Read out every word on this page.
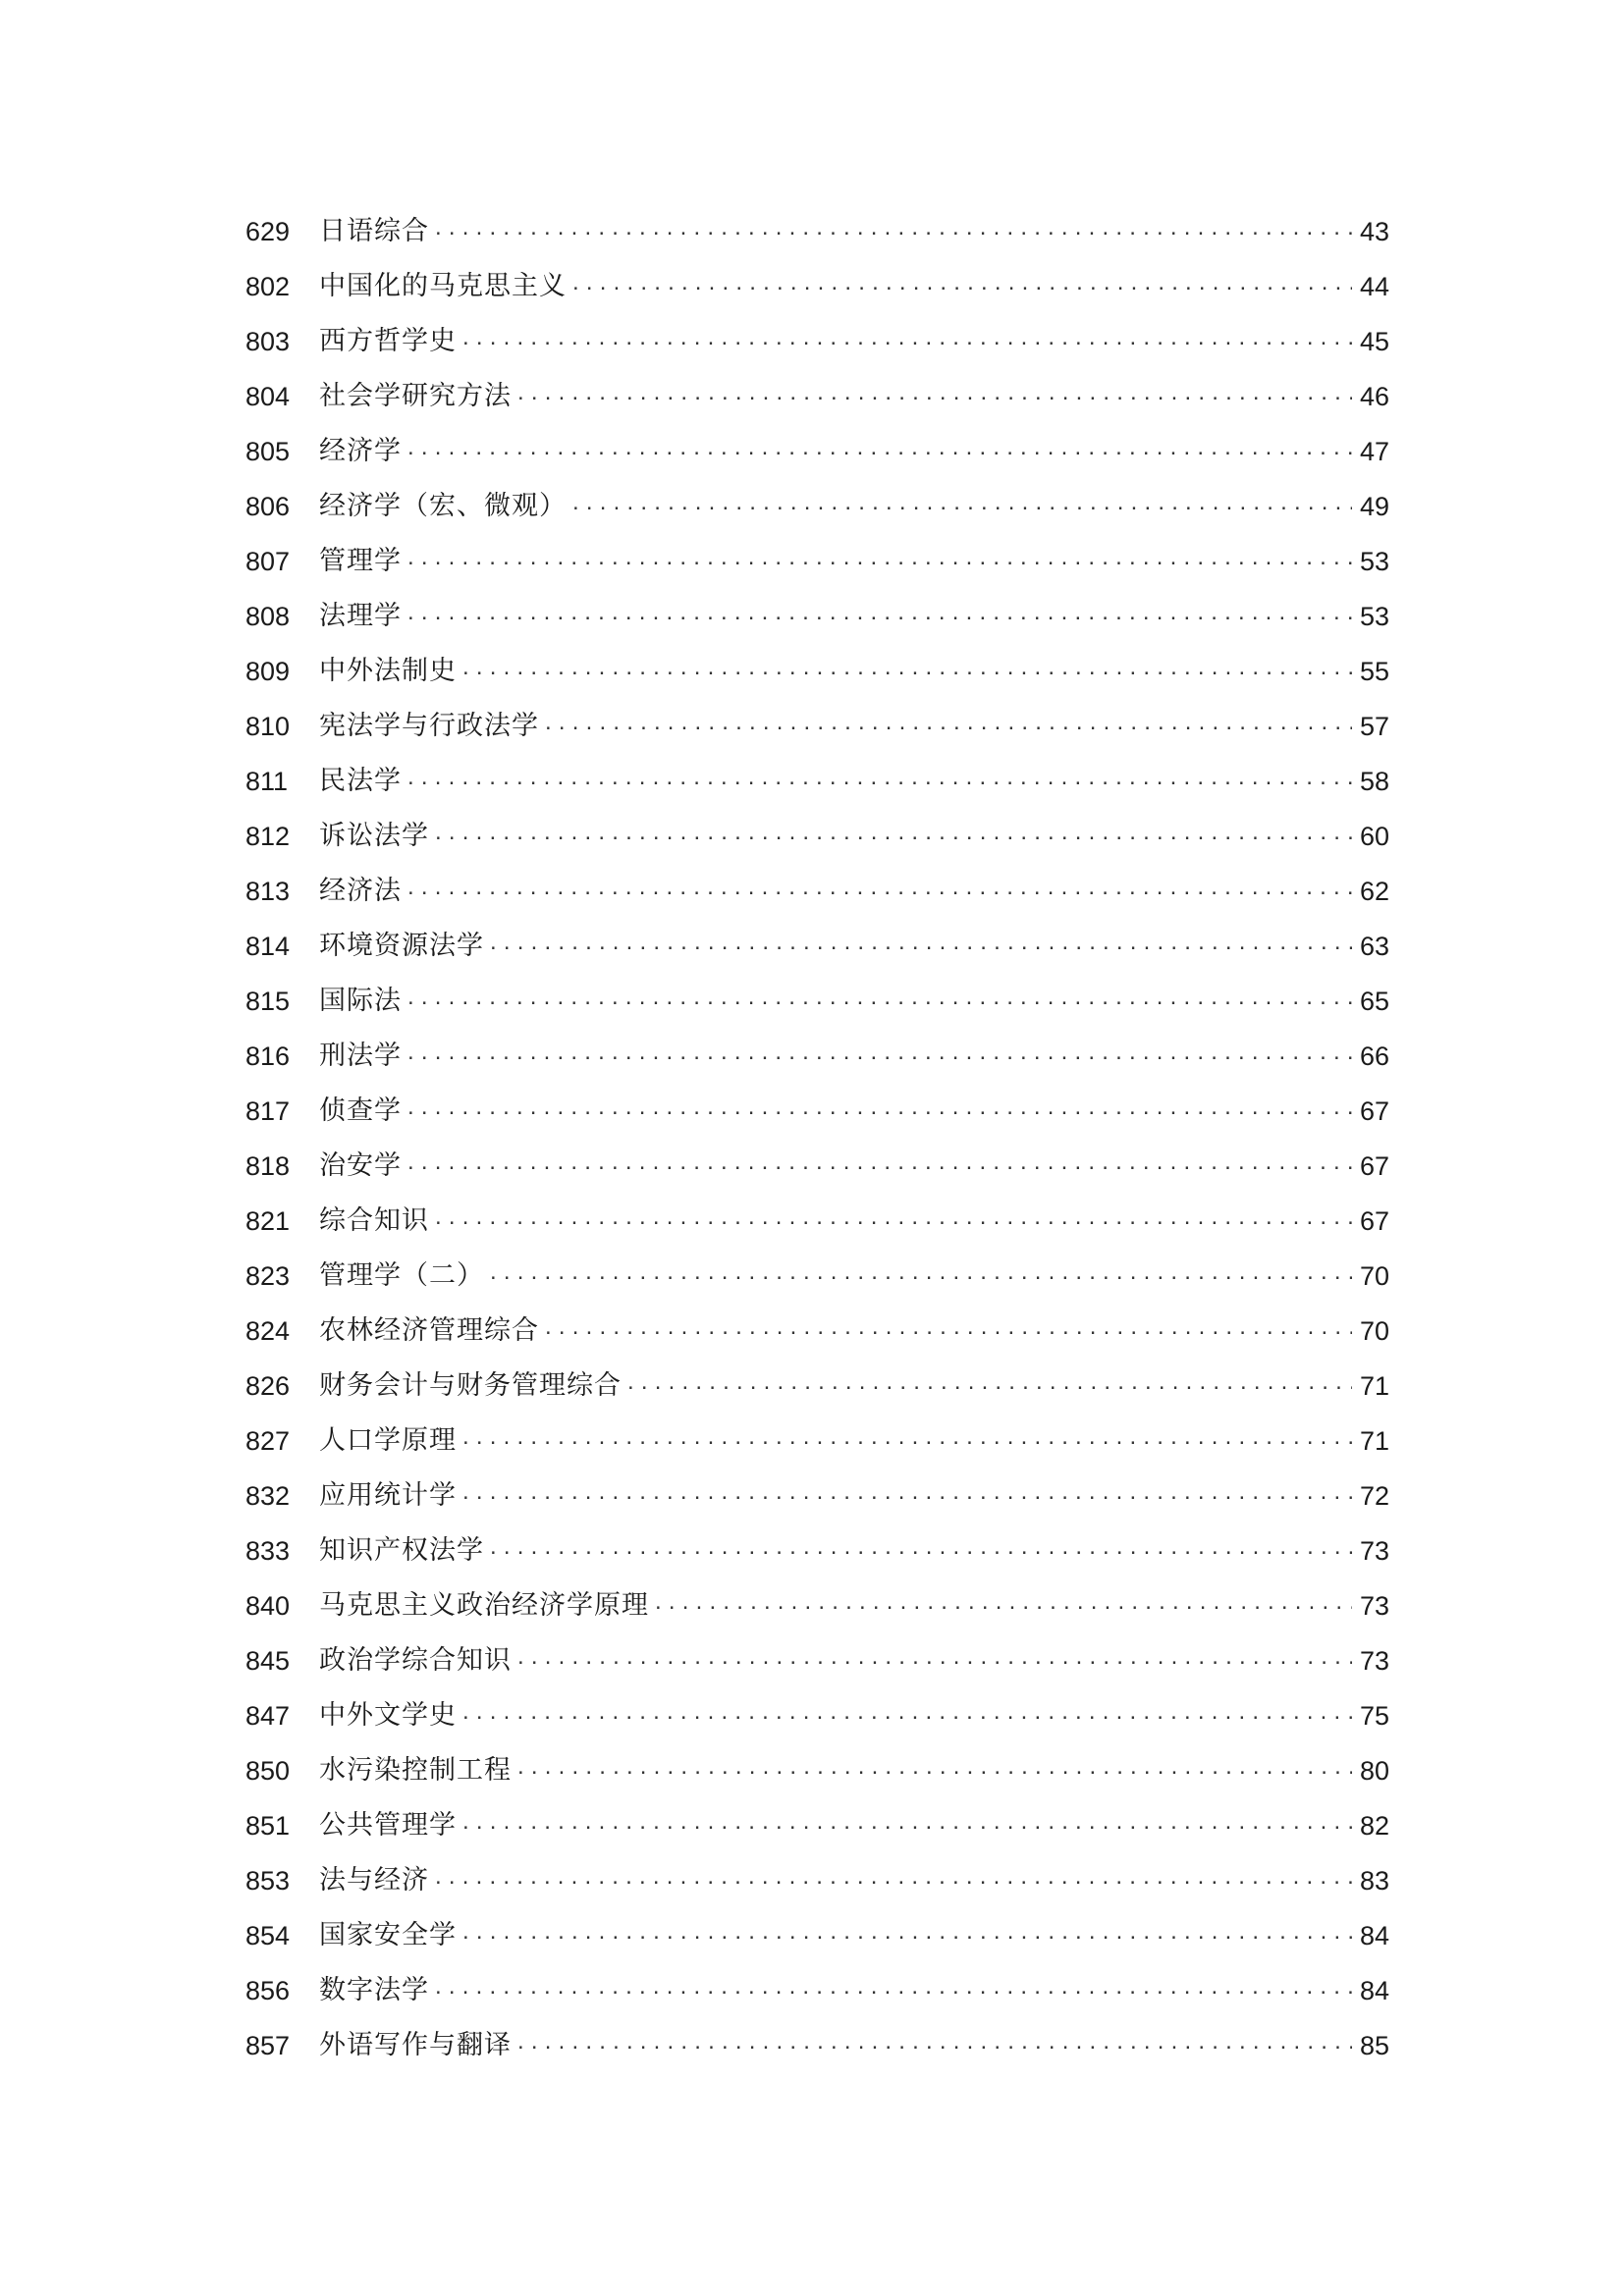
629	日语综合 .....	43
802	中国化的马克思主义 .....	44
803	西方哲学史 .....	45
804	社会学研究方法 .....	46
805	经济学 .....	47
806	经济学（宏、微观） .....	49
807	管理学 .....	53
808	法理学 .....	53
809	中外法制史 .....	55
810	宪法学与行政法学 .....	57
811	民法学 .....	58
812	诉讼法学 .....	60
813	经济法 .....	62
814	环境资源法学 .....	63
815	国际法 .....	65
816	刑法学 .....	66
817	侦查学 .....	67
818	治安学 .....	67
821	综合知识 .....	67
823	管理学（二） .....	70
824	农林经济管理综合 .....	70
826	财务会计与财务管理综合 .....	71
827	人口学原理 .....	71
832	应用统计学 .....	72
833	知识产权法学 .....	73
840	马克思主义政治经济学原理 .....	73
845	政治学综合知识 .....	73
847	中外文学史 .....	75
850	水污染控制工程 .....	80
851	公共管理学 .....	82
853	法与经济 .....	83
854	国家安全学 .....	84
856	数字法学 .....	84
857	外语写作与翻译 .....	85
